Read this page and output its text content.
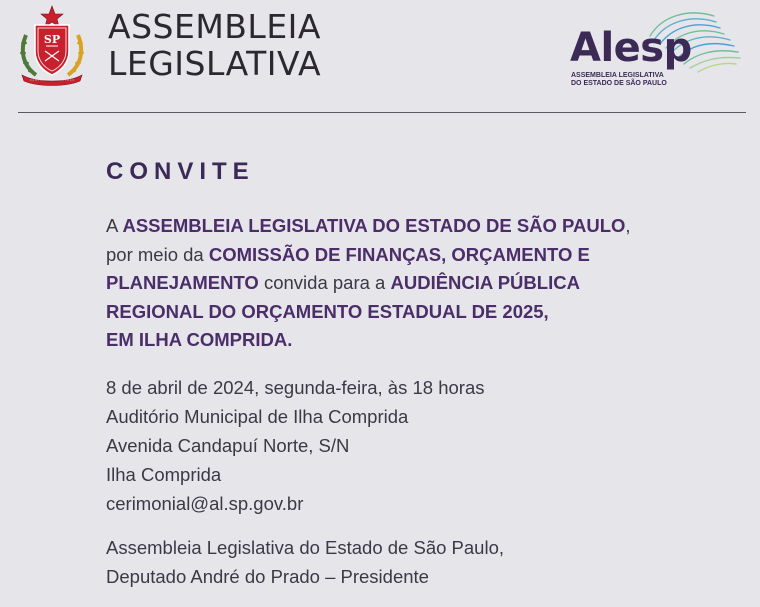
SP ASSEMBLEIA
LEGISLATIVA	Alesp
ASSEMBLEIA LEGISLATIVA
DO ESTADO DE SÃO PAULO
CONVITE
A ASSEMBLEIA LEGISLATIVA DO ESTADO DE SÃO PAULO,
por meio da COMISSÃO DE FINANÇAS, ORÇAMENTO E
PLANEJAMENTO convida para a AUDIÊNCIA PÚBLICA
REGIONAL DO ORÇAMENTO ESTADUAL DE 2025,
EM ILHA COMPRIDA.
8 de abril de 2024, segunda-feira, às 18 horas
Auditório Municipal de Ilha Comprida
Avenida Candapuí Norte, S/N
Ilha Comprida
cerimonial@al.sp.gov.br
Assembleia Legislativa do Estado de São Paulo,
Deputado André do Prado – Presidente
